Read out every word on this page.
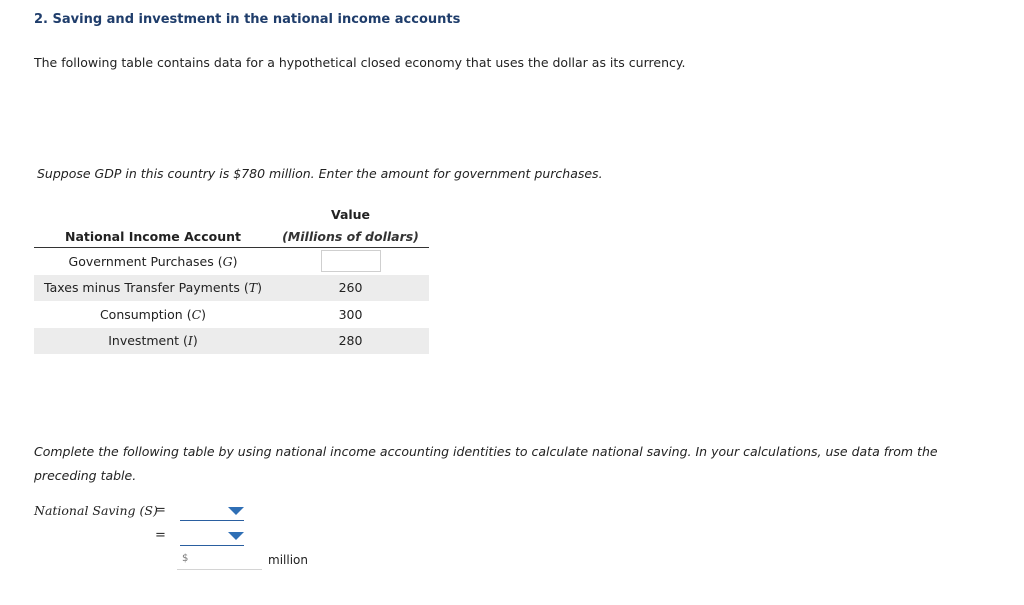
2. Saving and investment in the national income accounts
The following table contains data for a hypothetical closed economy that uses the dollar as its currency.
Suppose GDP in this country is $780 million. Enter the amount for government purchases.
	Value
National Income Account	(Millions of dollars)

Government Purchases (G)	
Taxes minus Transfer Payments (T)	260
Consumption (C)	300
Investment (I)	280
Complete the following table by using national income accounting identities to calculate national saving. In your calculations, use data from the preceding table.
National Saving (S)
=
=
$	million
